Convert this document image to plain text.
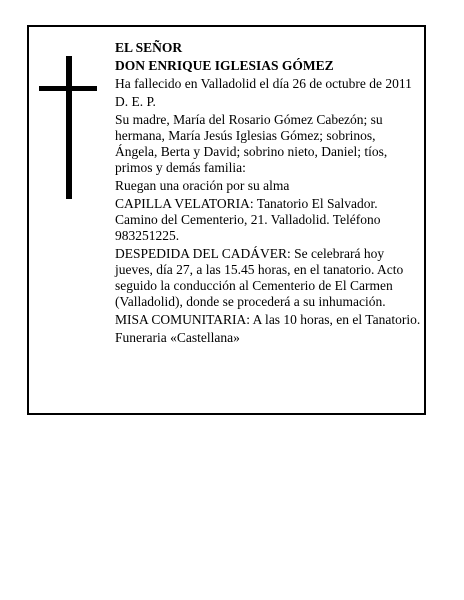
EL SEÑOR

DON ENRIQUE IGLESIAS GÓMEZ

Ha fallecido en Valladolid el día 26 de octubre de 2011

D. E. P.

Su madre, María del Rosario Gómez Cabezón; su hermana, María Jesús Iglesias Gómez; sobrinos, Ángela, Berta y David; sobrino nieto, Daniel; tíos, primos y demás familia:

Ruegan una oración por su alma

CAPILLA VELATORIA: Tanatorio El Salvador. Camino del Cementerio, 21. Valladolid. Teléfono 983251225.

DESPEDIDA DEL CADÁVER: Se celebrará hoy jueves, día 27, a las 15.45 horas, en el tanatorio. Acto seguido la conducción al Cementerio de El Carmen (Valladolid), donde se procederá a su inhumación.

MISA COMUNITARIA: A las 10 horas, en el Tanatorio.

Funeraria «Castellana»
